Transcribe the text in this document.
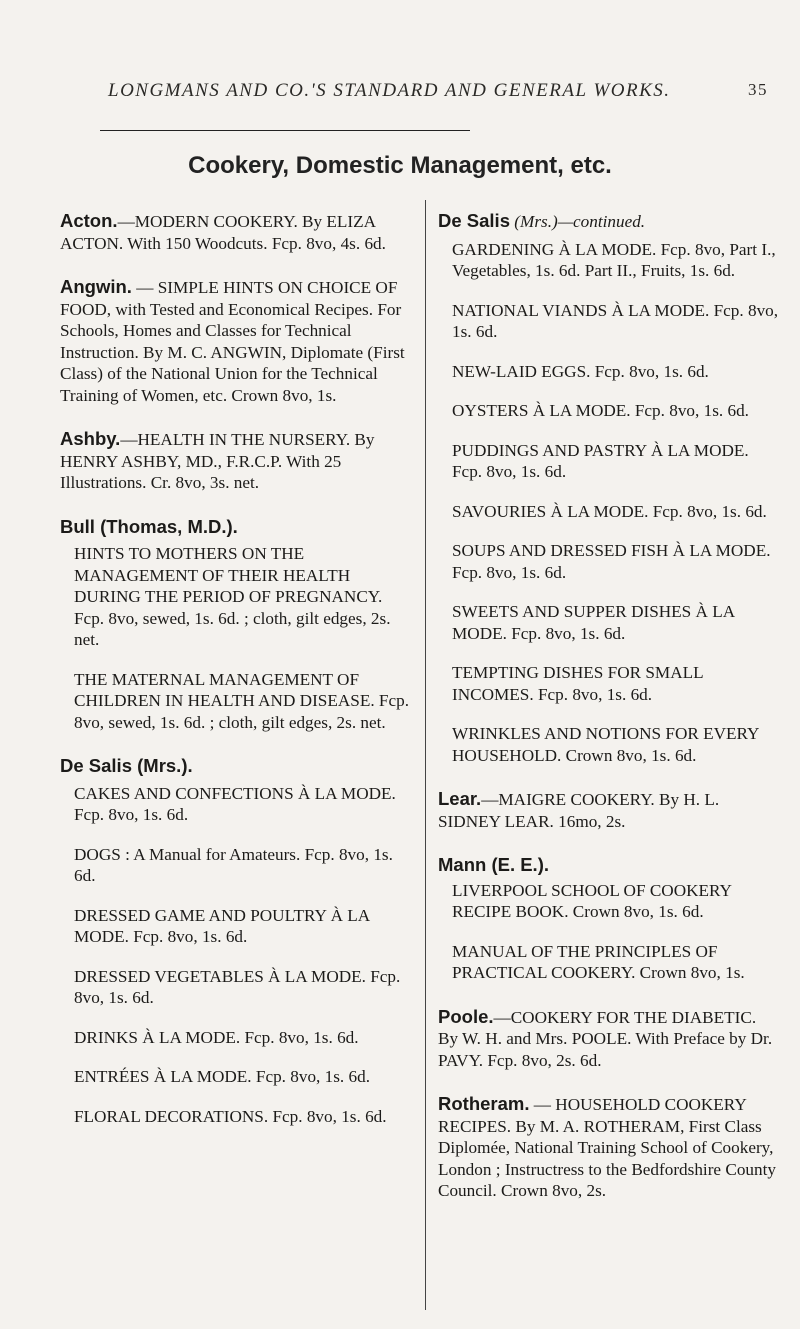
LONGMANS AND CO.'S STANDARD AND GENERAL WORKS.	35
Cookery, Domestic Management, etc.
Acton.—MODERN COOKERY. By ELIZA ACTON. With 150 Woodcuts. Fcp. 8vo, 4s. 6d.
Angwin. — SIMPLE HINTS ON CHOICE OF FOOD, with Tested and Economical Recipes. For Schools, Homes and Classes for Technical Instruction. By M. C. ANGWIN, Diplomate (First Class) of the National Union for the Technical Training of Women, etc. Crown 8vo, 1s.
Ashby.—HEALTH IN THE NURSERY. By HENRY ASHBY, MD., F.R.C.P. With 25 Illustrations. Cr. 8vo, 3s. net.
Bull (Thomas, M.D.).
HINTS TO MOTHERS ON THE MANAGEMENT OF THEIR HEALTH DURING THE PERIOD OF PREGNANCY. Fcp. 8vo, sewed, 1s. 6d. ; cloth, gilt edges, 2s. net.
THE MATERNAL MANAGEMENT OF CHILDREN IN HEALTH AND DISEASE. Fcp. 8vo, sewed, 1s. 6d. ; cloth, gilt edges, 2s. net.
De Salis (Mrs.).
CAKES AND CONFECTIONS À LA MODE. Fcp. 8vo, 1s. 6d.
DOGS : A Manual for Amateurs. Fcp. 8vo, 1s. 6d.
DRESSED GAME AND POULTRY À LA MODE. Fcp. 8vo, 1s. 6d.
DRESSED VEGETABLES À LA MODE. Fcp. 8vo, 1s. 6d.
DRINKS À LA MODE. Fcp. 8vo, 1s. 6d.
ENTRÉES À LA MODE. Fcp. 8vo, 1s. 6d.
FLORAL DECORATIONS. Fcp. 8vo, 1s. 6d.
De Salis (Mrs.)—continued.
GARDENING À LA MODE. Fcp. 8vo, Part I., Vegetables, 1s. 6d. Part II., Fruits, 1s. 6d.
NATIONAL VIANDS À LA MODE. Fcp. 8vo, 1s. 6d.
NEW-LAID EGGS. Fcp. 8vo, 1s. 6d.
OYSTERS À LA MODE. Fcp. 8vo, 1s. 6d.
PUDDINGS AND PASTRY À LA MODE. Fcp. 8vo, 1s. 6d.
SAVOURIES À LA MODE. Fcp. 8vo, 1s. 6d.
SOUPS AND DRESSED FISH À LA MODE. Fcp. 8vo, 1s. 6d.
SWEETS AND SUPPER DISHES À LA MODE. Fcp. 8vo, 1s. 6d.
TEMPTING DISHES FOR SMALL INCOMES. Fcp. 8vo, 1s. 6d.
WRINKLES AND NOTIONS FOR EVERY HOUSEHOLD. Crown 8vo, 1s. 6d.
Lear.—MAIGRE COOKERY. By H. L. SIDNEY LEAR. 16mo, 2s.
Mann (E. E.).
LIVERPOOL SCHOOL OF COOKERY RECIPE BOOK. Crown 8vo, 1s. 6d.
MANUAL OF THE PRINCIPLES OF PRACTICAL COOKERY. Crown 8vo, 1s.
Poole.—COOKERY FOR THE DIABETIC. By W. H. and Mrs. POOLE. With Preface by Dr. PAVY. Fcp. 8vo, 2s. 6d.
Rotheram. — HOUSEHOLD COOKERY RECIPES. By M. A. ROTHERAM, First Class Diplomée, National Training School of Cookery, London ; Instructress to the Bedfordshire County Council. Crown 8vo, 2s.
